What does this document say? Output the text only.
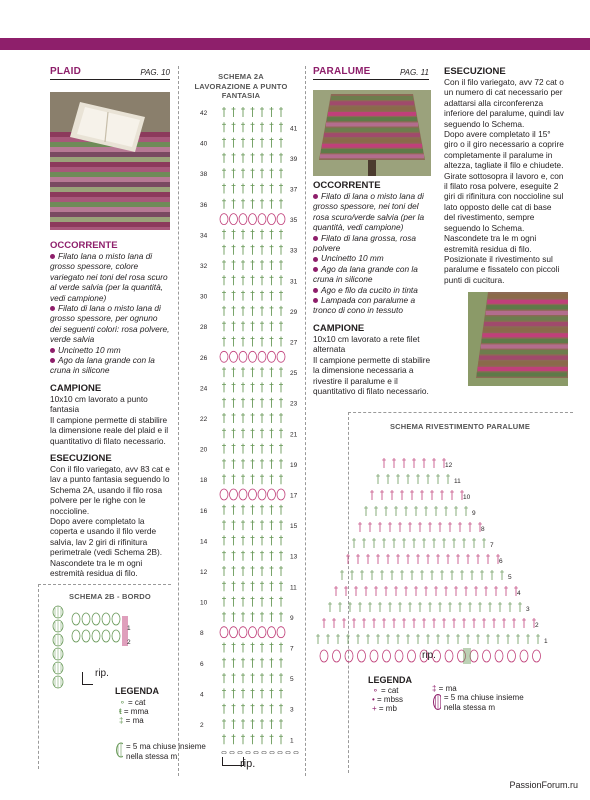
PLAID	PAG. 10
OCCORRENTE
Filato lana o misto lana di grosso spessore, colore variegato nei toni del rosa scuro al verde salvia (per la quantità, vedi campione)
Filato di lana o misto lana di grosso spessore, per ognuno dei seguenti colori: rosa polvere, verde salvia
Uncinetto 10 mm
Ago da lana grande con la cruna in silicone
CAMPIONE
10x10 cm lavorato a punto fantasia
Il campione permette di stabilire la dimensione reale del plaid e il quantitativo di filato necessario.
ESECUZIONE
Con il filo variegato, avv 83 cat e lav a punto fantasia seguendo lo Schema 2A, usando il filo rosa polvere per le righe con le noccioline.
Dopo avere completato la coperta e usando il filo verde salvia, lav 2 giri di rifinitura perimetrale (vedi Schema 2B).
Nascondete tra le m ogni estremità residua di filo.
SCHEMA 2B - BORDO
1
2
rip.
LEGENDA
⚬ = cat
ŧ = mma
‡ = ma
= 5 ma chiuse insieme nella stessa m
SCHEMA 2A
LAVORAZIONE A PUNTO FANTASIA
42
40
38
36
34
32
30
28
26
24
22
20
18
16
14
12
10
8
6
4
2
41
39
37
35
33
31
29
27
25
23
21
19
17
15
13
11
9
7
5
3
1
rip.
PARALUME	PAG. 11
OCCORRENTE
Filato di lana o misto lana di grosso spessore, nei toni del rosa scuro/verde salvia (per la quantità, vedi campione)
Filato di lana grossa, rosa polvere
Uncinetto 10 mm
Ago da lana grande con la cruna in silicone
Ago e filo da cucito in tinta
Lampada con paralume a tronco di cono in tessuto
CAMPIONE
10x10 cm lavorato a rete filet alternata
Il campione permette di stabilire la dimensione necessaria a rivestire il paralume e il quantitativo di filato necessario.
ESECUZIONE
Con il filo variegato, avv 72 cat o un numero di cat necessario per adattarsi alla circonferenza inferiore del paralume, quindi lav seguendo lo Schema.
Dopo avere completato il 15° giro o il giro necessario a coprire completamente il paralume in altezza, tagliate il filo e chiudete.
Girate sottosopra il lavoro e, con il filato rosa polvere, eseguite 2 giri di rifinitura con noccioline sul lato opposto delle cat di base del rivestimento, sempre seguendo lo Schema. Nascondete tra le m ogni estremità residua di filo. Posizionate il rivestimento sul paralume e fissatelo con piccoli punti di cucitura.
SCHEMA RIVESTIMENTO PARALUME
1
2
3
4
5
6
7
8
9
10
11
12
rip.
LEGENDA
⚬ = cat
• = mbss
+ = mb
‡ = ma
= 5 ma chiuse insieme nella stessa m
PassionForum.ru
